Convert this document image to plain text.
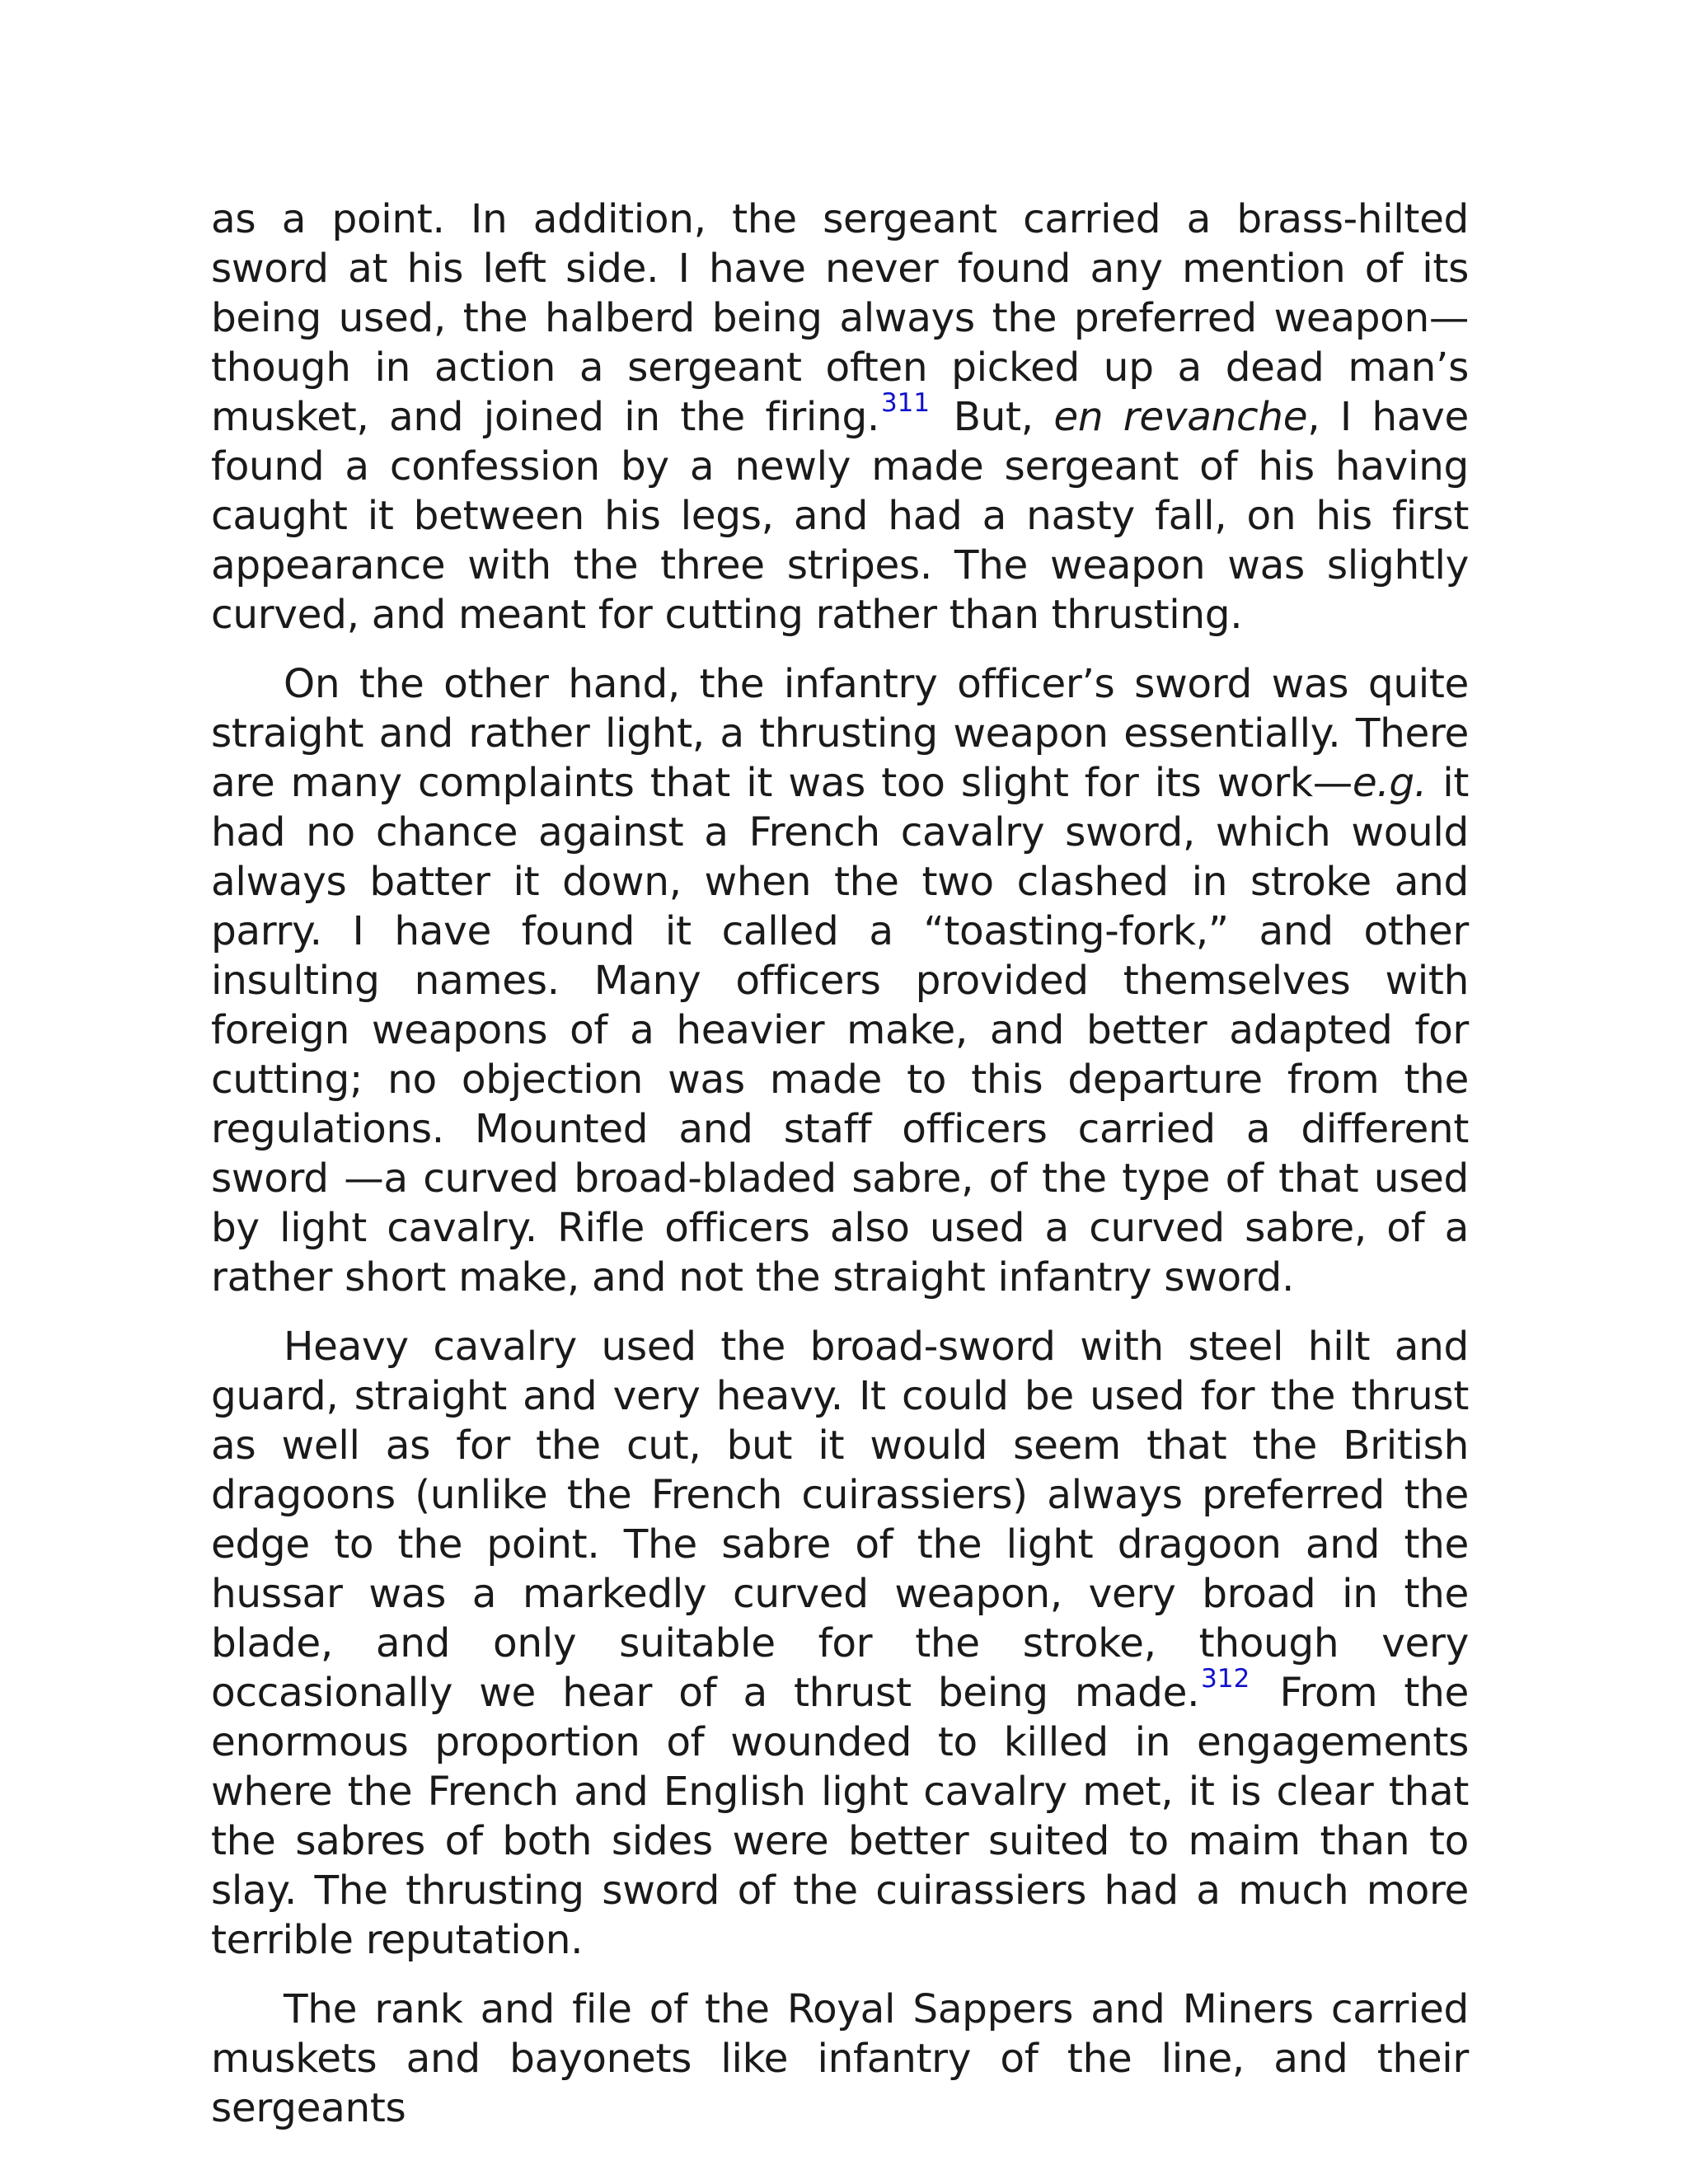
as a point. In addition, the sergeant carried a brass-hilted sword at his left side. I have never found any mention of its being used, the halberd being always the preferred weapon—though in action a sergeant often picked up a dead man’s musket, and joined in the firing.$^{311}$ But, en revanche, I have found a confession by a newly made sergeant of his having caught it between his legs, and had a nasty fall, on his first appearance with the three stripes. The weapon was slightly curved, and meant for cutting rather than thrusting.

On the other hand, the infantry officer’s sword was quite straight and rather light, a thrusting weapon essentially. There are many complaints that it was too slight for its work—e.g. it had no chance against a French cavalry sword, which would always batter it down, when the two clashed in stroke and parry. I have found it called a “toasting-fork,” and other insulting names. Many officers provided themselves with foreign weapons of a heavier make, and better adapted for cutting; no objection was made to this departure from the regulations. Mounted and staff officers carried a different sword —a curved broad-bladed sabre, of the type of that used by light cavalry. Rifle officers also used a curved sabre, of a rather short make, and not the straight infantry sword.

Heavy cavalry used the broad-sword with steel hilt and guard, straight and very heavy. It could be used for the thrust as well as for the cut, but it would seem that the British dragoons (unlike the French cuirassiers) always preferred the edge to the point. The sabre of the light dragoon and the hussar was a markedly curved weapon, very broad in the blade, and only suitable for the stroke, though very occasionally we hear of a thrust being made.$^{312}$ From the enormous proportion of wounded to killed in engagements where the French and English light cavalry met, it is clear that the sabres of both sides were better suited to maim than to slay. The thrusting sword of the cuirassiers had a much more terrible reputation.

The rank and file of the Royal Sappers and Miners carried muskets and bayonets like infantry of the line, and their sergeants
